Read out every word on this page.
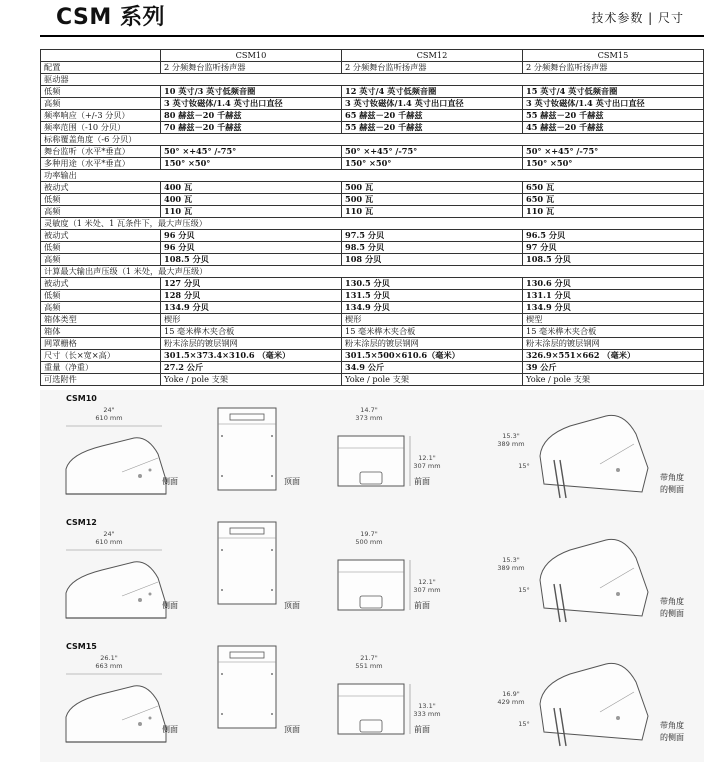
CSM 系列	技术参数 | 尺寸
	CSM10	CSM12	CSM15
配置	2 分频舞台监听扬声器	2 分频舞台监听扬声器	2 分频舞台监听扬声器
驱动器			
低频	10 英寸/3 英寸低频音圈	12 英寸/4 英寸低频音圈	15 英寸/4 英寸低频音圈
高频	3 英寸钕磁体/1.4 英寸出口直径	3 英寸钕磁体/1.4 英寸出口直径	3 英寸钕磁体/1.4 英寸出口直径
频率响应（+/-3 分贝）	80 赫兹－20 千赫兹	65 赫兹－20 千赫兹	55 赫兹－20 千赫兹
频率范围（-10 分贝）	70 赫兹－20 千赫兹	55 赫兹－20 千赫兹	45 赫兹－20 千赫兹
标称覆盖角度（-6 分贝）			
舞台监听（水平*垂直）	50° ×+45° /-75°	50° ×+45° /-75°	50° ×+45° /-75°
多种用途（水平*垂直）	150° ×50°	150° ×50°	150° ×50°
功率输出			
被动式	400 瓦	500 瓦	650 瓦
低频	400 瓦	500 瓦	650 瓦
高频	110 瓦	110 瓦	110 瓦
灵敏度（1 米处、1 瓦条件下，最大声压级）			
被动式	96 分贝	97.5 分贝	96.5 分贝
低频	96 分贝	98.5 分贝	97 分贝
高频	108.5 分贝	108 分贝	108.5 分贝
计算最大输出声压级（1 米处，最大声压级）			
被动式	127 分贝	130.5 分贝	130.6 分贝
低频	128 分贝	131.5 分贝	131.1 分贝
高频	134.9 分贝	134.9 分贝	134.9 分贝
箱体类型	楔形	楔形	楔型
箱体	15 毫米桦木夹合板	15 毫米桦木夹合板	15 毫米桦木夹合板
网罩栅格	粉末涂层的镀层钢网	粉末涂层的镀层钢网	粉末涂层的镀层钢网
尺寸（长×宽×高）	301.5×373.4×310.6 （毫米）	301.5×500×610.6（毫米）	326.9×551×662 （毫米）
重量（净重）	27.2 公斤	34.9 公斤	39 公斤
可选附件	Yoke / pole 支架	Yoke / pole 支架	Yoke / pole 支架
CSM10
24"
610 mm
侧面	顶面
14.7"
373 mm
12.1"
307 mm
前面
15.3"
389 mm
15°
带角度
的侧面
CSM12
24"
610 mm
侧面	顶面
19.7"
500 mm
12.1"
307 mm
前面
15.3"
389 mm
15°
带角度
的侧面
CSM15
26.1"
663 mm
侧面	顶面
21.7"
551 mm
13.1"
333 mm
前面
16.9"
429 mm
15°	带角度
的侧面
